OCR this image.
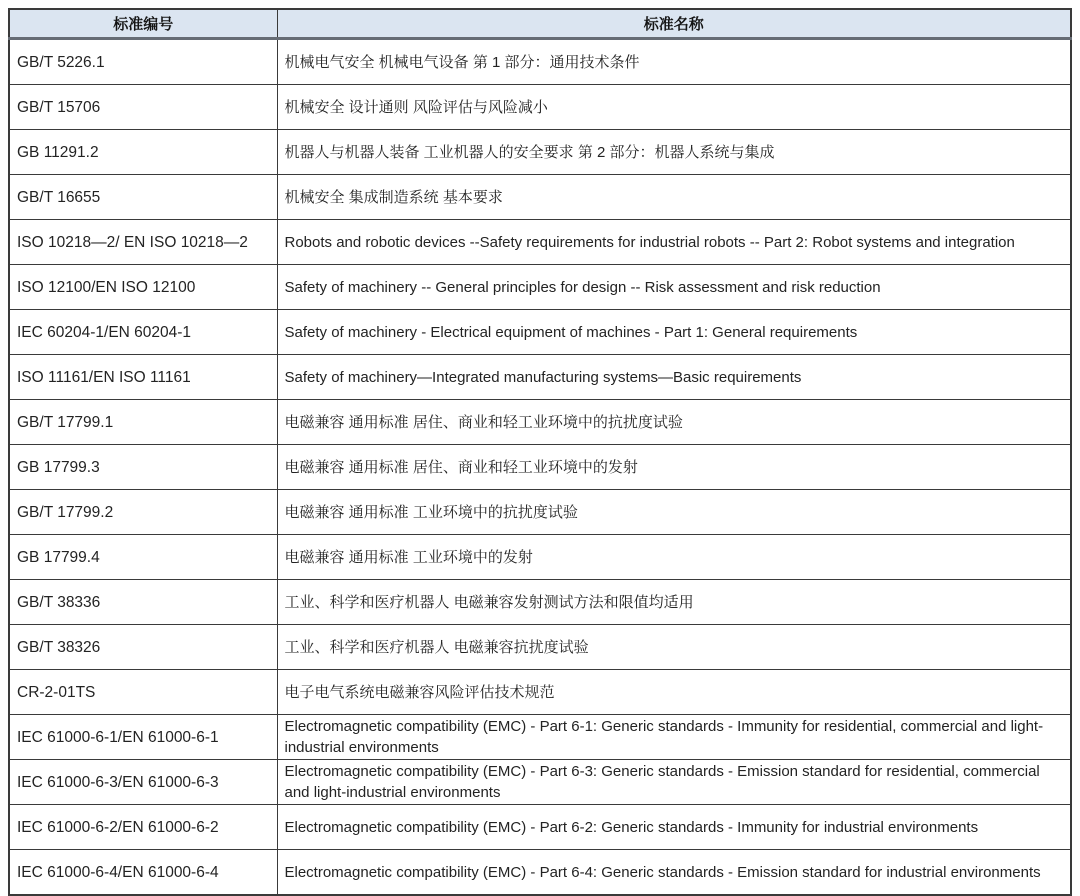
标准编号	标准名称
GB/T 5226.1	机械电气安全 机械电气设备 第 1 部分：通用技术条件
GB/T 15706	机械安全 设计通则 风险评估与风险减小
GB 11291.2	机器人与机器人装备 工业机器人的安全要求 第 2 部分：机器人系统与集成
GB/T 16655	机械安全 集成制造系统 基本要求
ISO 10218—2/ EN ISO 10218—2	Robots and robotic devices --Safety requirements for industrial robots -- Part 2: Robot systems and integration
ISO 12100/EN ISO 12100	Safety of machinery -- General principles for design -- Risk assessment and risk reduction
IEC 60204-1/EN 60204-1	Safety of machinery - Electrical equipment of machines - Part 1: General requirements
ISO 11161/EN ISO 11161	Safety of machinery—Integrated manufacturing systems—Basic requirements
GB/T 17799.1	电磁兼容 通用标准 居住、商业和轻工业环境中的抗扰度试验
GB 17799.3	电磁兼容 通用标准 居住、商业和轻工业环境中的发射
GB/T 17799.2	电磁兼容 通用标准 工业环境中的抗扰度试验
GB 17799.4	电磁兼容 通用标准 工业环境中的发射
GB/T 38336	工业、科学和医疗机器人 电磁兼容发射测试方法和限值均适用
GB/T 38326	工业、科学和医疗机器人 电磁兼容抗扰度试验
CR-2-01TS	电子电气系统电磁兼容风险评估技术规范
IEC 61000-6-1/EN 61000-6-1	Electromagnetic compatibility (EMC) - Part 6-1: Generic standards - Immunity for residential, commercial and light-industrial environments
IEC 61000-6-3/EN 61000-6-3	Electromagnetic compatibility (EMC) - Part 6-3: Generic standards - Emission standard for residential, commercial and light-industrial environments
IEC 61000-6-2/EN 61000-6-2	Electromagnetic compatibility (EMC) - Part 6-2: Generic standards - Immunity for industrial environments
IEC 61000-6-4/EN 61000-6-4	Electromagnetic compatibility (EMC) - Part 6-4: Generic standards - Emission standard for industrial environments
